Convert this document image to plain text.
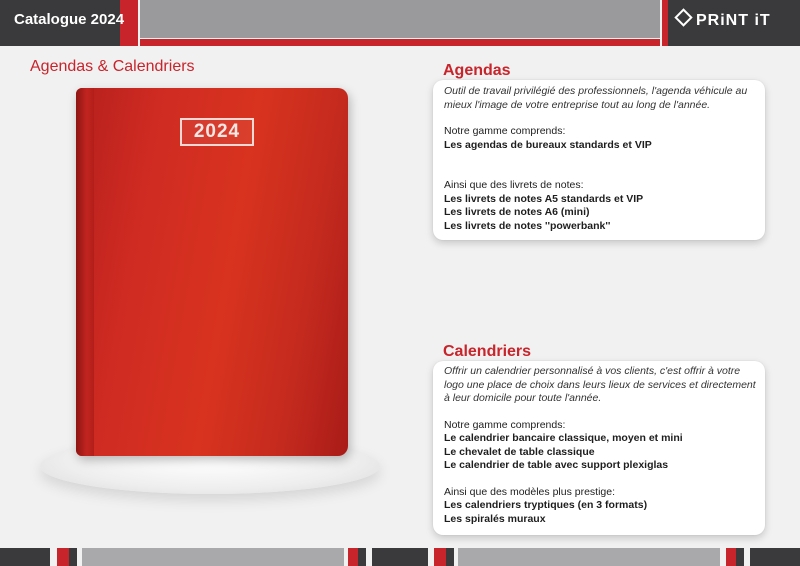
Catalogue 2024	PRiNT iT
Agendas & Calendriers
2024
Agendas

Outil de travail privilégié des professionnels, l'agenda véhicule au mieux l'image de votre entreprise tout au long de l'année.

Notre gamme comprends:

Les agendas de bureaux standards et VIP

Ainsi que des livrets de notes:

Les livrets de notes A5 standards et VIP

Les livrets de notes A6 (mini)

Les livrets de notes ''powerbank''

Calendriers

Offrir un calendrier personnalisé à vos clients, c'est offrir à votre logo une place de choix dans leurs lieux de services et directement à leur domicile pour toute l'année.

Notre gamme comprends:

Le calendrier bancaire classique, moyen et mini

Le chevalet de table classique

Le calendrier de table avec support plexiglas

Ainsi que des modèles plus prestige:

Les calendriers tryptiques (en 3 formats)

Les spiralés muraux
